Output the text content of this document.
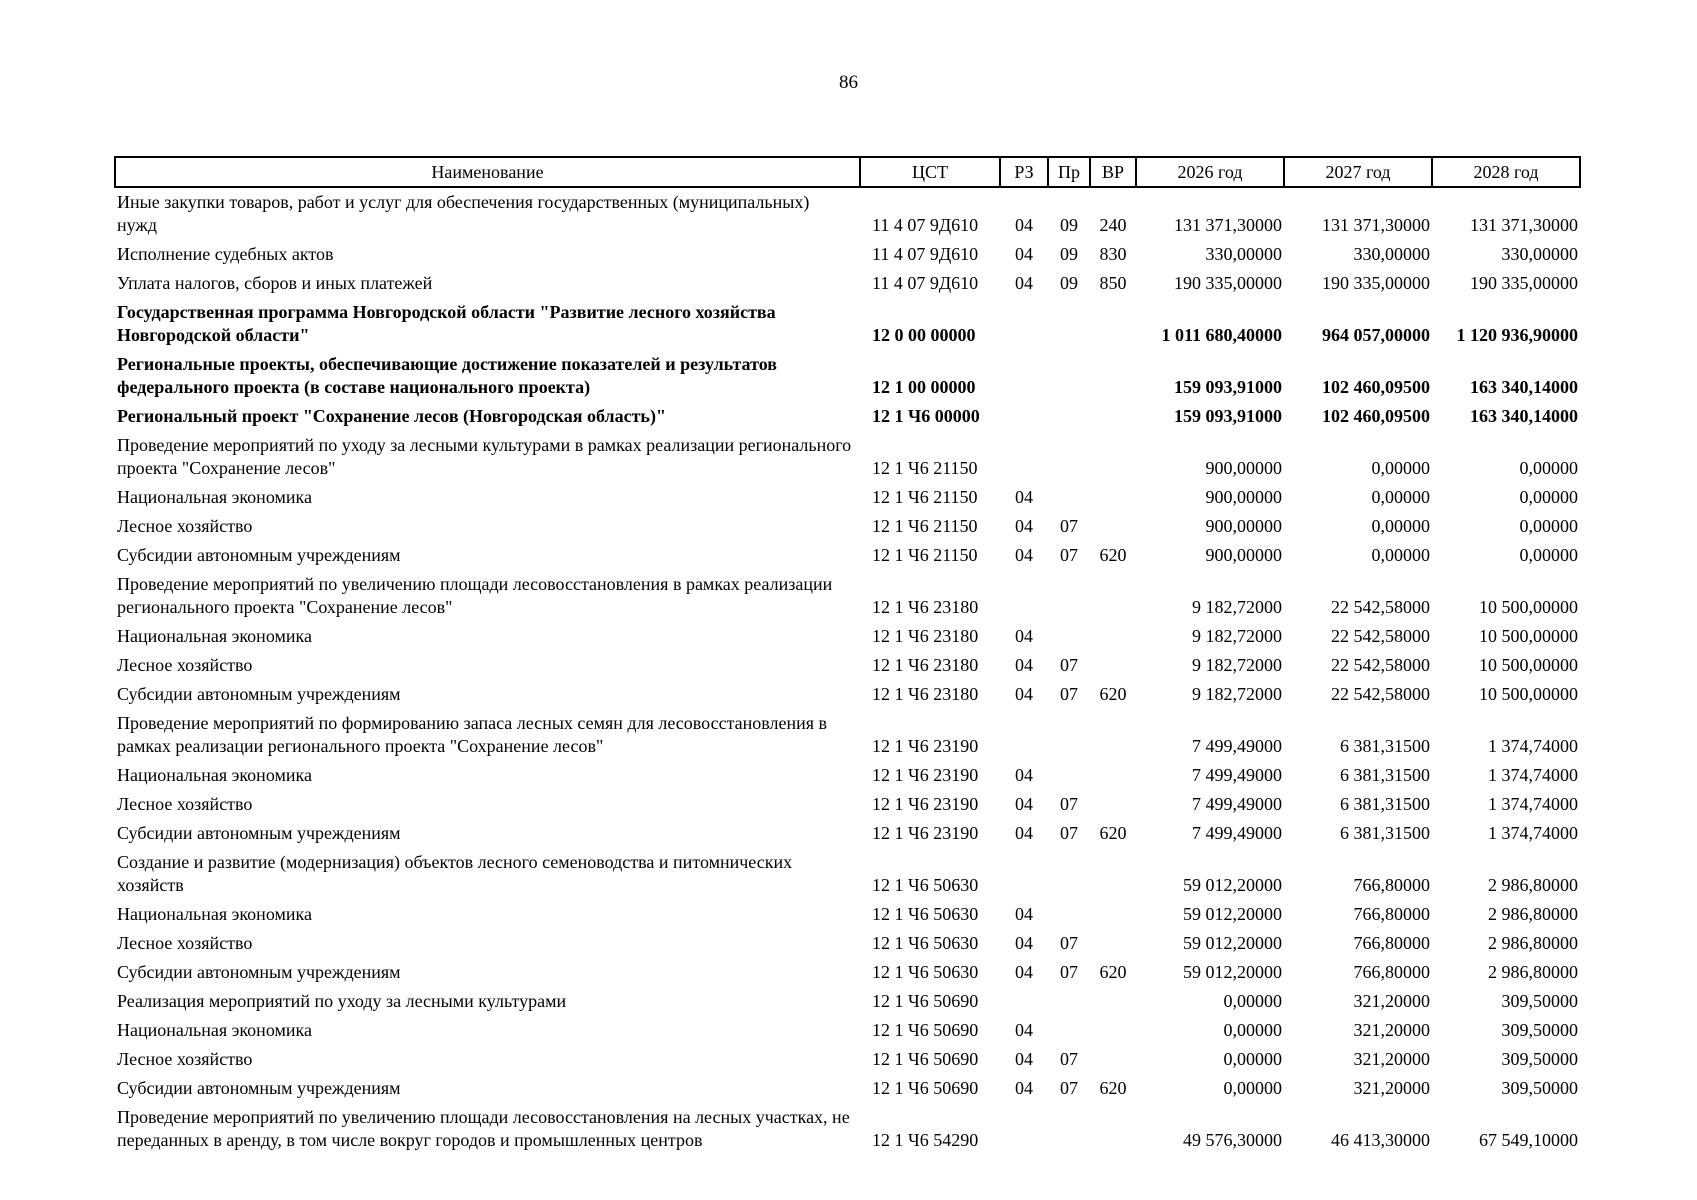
86
Наименование	ЦСТ	РЗ	Пр	ВР	2026 год	2027 год	2028 год
Иные закупки товаров, работ и услуг для обеспечения государственных (муниципальных) нужд	11 4 07 9Д610	04	09	240	131 371,30000	131 371,30000	131 371,30000
Исполнение судебных актов	11 4 07 9Д610	04	09	830	330,00000	330,00000	330,00000
Уплата налогов, сборов и иных платежей	11 4 07 9Д610	04	09	850	190 335,00000	190 335,00000	190 335,00000
Государственная программа Новгородской области "Развитие лесного хозяйства Новгородской области"	12 0 00 00000				1 011 680,40000	964 057,00000	1 120 936,90000
Региональные проекты, обеспечивающие достижение показателей и результатов федерального проекта (в составе национального проекта)	12 1 00 00000				159 093,91000	102 460,09500	163 340,14000
Региональный проект "Сохранение лесов (Новгородская область)"	12 1 Ч6 00000				159 093,91000	102 460,09500	163 340,14000
Проведение мероприятий по уходу за лесными культурами в рамках реализации регионального проекта "Сохранение лесов"	12 1 Ч6 21150				900,00000	0,00000	0,00000
Национальная экономика	12 1 Ч6 21150	04			900,00000	0,00000	0,00000
Лесное хозяйство	12 1 Ч6 21150	04	07		900,00000	0,00000	0,00000
Субсидии автономным учреждениям	12 1 Ч6 21150	04	07	620	900,00000	0,00000	0,00000
Проведение мероприятий по увеличению площади лесовосстановления в рамках реализации регионального проекта "Сохранение лесов"	12 1 Ч6 23180				9 182,72000	22 542,58000	10 500,00000
Национальная экономика	12 1 Ч6 23180	04			9 182,72000	22 542,58000	10 500,00000
Лесное хозяйство	12 1 Ч6 23180	04	07		9 182,72000	22 542,58000	10 500,00000
Субсидии автономным учреждениям	12 1 Ч6 23180	04	07	620	9 182,72000	22 542,58000	10 500,00000
Проведение мероприятий по формированию запаса лесных семян для лесовосстановления в рамках реализации регионального проекта "Сохранение лесов"	12 1 Ч6 23190				7 499,49000	6 381,31500	1 374,74000
Национальная экономика	12 1 Ч6 23190	04			7 499,49000	6 381,31500	1 374,74000
Лесное хозяйство	12 1 Ч6 23190	04	07		7 499,49000	6 381,31500	1 374,74000
Субсидии автономным учреждениям	12 1 Ч6 23190	04	07	620	7 499,49000	6 381,31500	1 374,74000
Создание и развитие (модернизация) объектов лесного семеноводства и питомнических хозяйств	12 1 Ч6 50630				59 012,20000	766,80000	2 986,80000
Национальная экономика	12 1 Ч6 50630	04			59 012,20000	766,80000	2 986,80000
Лесное хозяйство	12 1 Ч6 50630	04	07		59 012,20000	766,80000	2 986,80000
Субсидии автономным учреждениям	12 1 Ч6 50630	04	07	620	59 012,20000	766,80000	2 986,80000
Реализация мероприятий по уходу за лесными культурами	12 1 Ч6 50690				0,00000	321,20000	309,50000
Национальная экономика	12 1 Ч6 50690	04			0,00000	321,20000	309,50000
Лесное хозяйство	12 1 Ч6 50690	04	07		0,00000	321,20000	309,50000
Субсидии автономным учреждениям	12 1 Ч6 50690	04	07	620	0,00000	321,20000	309,50000
Проведение мероприятий по увеличению площади лесовосстановления на лесных участках, не переданных в аренду, в том числе вокруг городов и промышленных центров	12 1 Ч6 54290				49 576,30000	46 413,30000	67 549,10000
